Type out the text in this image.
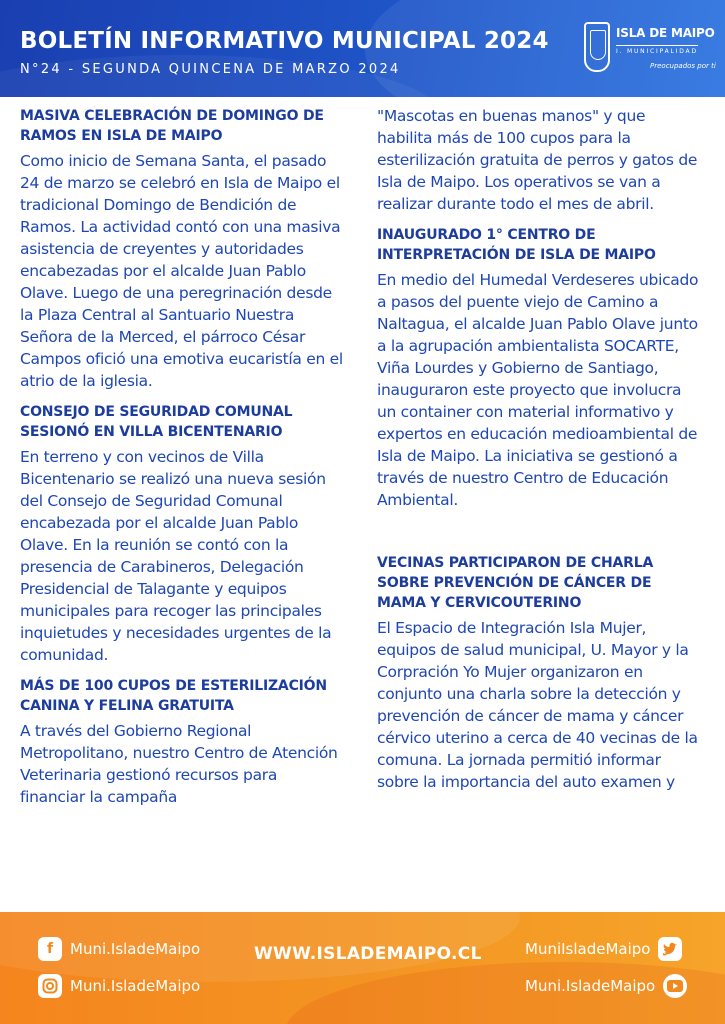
BOLETÍN INFORMATIVO MUNICIPAL 2024
N°24 - SEGUNDA QUINCENA DE MARZO 2024
ISLA DE MAIPO
I. MUNICIPALIDAD
Preocupados por ti
MASIVA CELEBRACIÓN DE DOMINGO DE RAMOS EN ISLA DE MAIPO

Como inicio de Semana Santa, el pasado 24 de marzo se celebró en Isla de Maipo el tradicional Domingo de Bendición de Ramos. La actividad contó con una masiva asistencia de creyentes y autoridades encabezadas por el alcalde Juan Pablo Olave. Luego de una peregrinación desde la Plaza Central al Santuario Nuestra Señora de la Merced, el párroco César Campos ofició una emotiva eucaristía en el atrio de la iglesia.

CONSEJO DE SEGURIDAD COMUNAL SESIONÓ EN VILLA BICENTENARIO

En terreno y con vecinos de Villa Bicentenario se realizó una nueva sesión del Consejo de Seguridad Comunal encabezada por el alcalde Juan Pablo Olave. En la reunión se contó con la presencia de Carabineros, Delegación Presidencial de Talagante y equipos municipales para recoger las principales inquietudes y necesidades urgentes de la comunidad.

MÁS DE 100 CUPOS DE ESTERILIZACIÓN CANINA Y FELINA GRATUITA

A través del Gobierno Regional Metropolitano, nuestro Centro de Atención Veterinaria gestionó recursos para financiar la campaña

"Mascotas en buenas manos" y que habilita más de 100 cupos para la esterilización gratuita de perros y gatos de Isla de Maipo. Los operativos se van a realizar durante todo el mes de abril.

INAUGURADO 1° CENTRO DE INTERPRETACIÓN DE ISLA DE MAIPO

En medio del Humedal Verdeseres ubicado a pasos del puente viejo de Camino a Naltagua, el alcalde Juan Pablo Olave junto a la agrupación ambientalista SOCARTE, Viña Lourdes y Gobierno de Santiago, inauguraron este proyecto que involucra un container con material informativo y expertos en educación medioambiental de Isla de Maipo. La iniciativa se gestionó a través de nuestro Centro de Educación Ambiental.

VECINAS PARTICIPARON DE CHARLA SOBRE PREVENCIÓN DE CÁNCER DE MAMA Y CERVICOUTERINO

El Espacio de Integración Isla Mujer, equipos de salud municipal, U. Mayor y la Corpración Yo Mujer organizaron en conjunto una charla sobre la detección y prevención de cáncer de mama y cáncer cérvico uterino a cerca de 40 vecinas de la comuna. La jornada permitió informar sobre la importancia del auto examen y

f	Muni.IsladeMaipo
Muni.IsladeMaipo
WWW.ISLADEMAIPO.CL	MuniIsladeMaipo
Muni.IsladeMaipo
